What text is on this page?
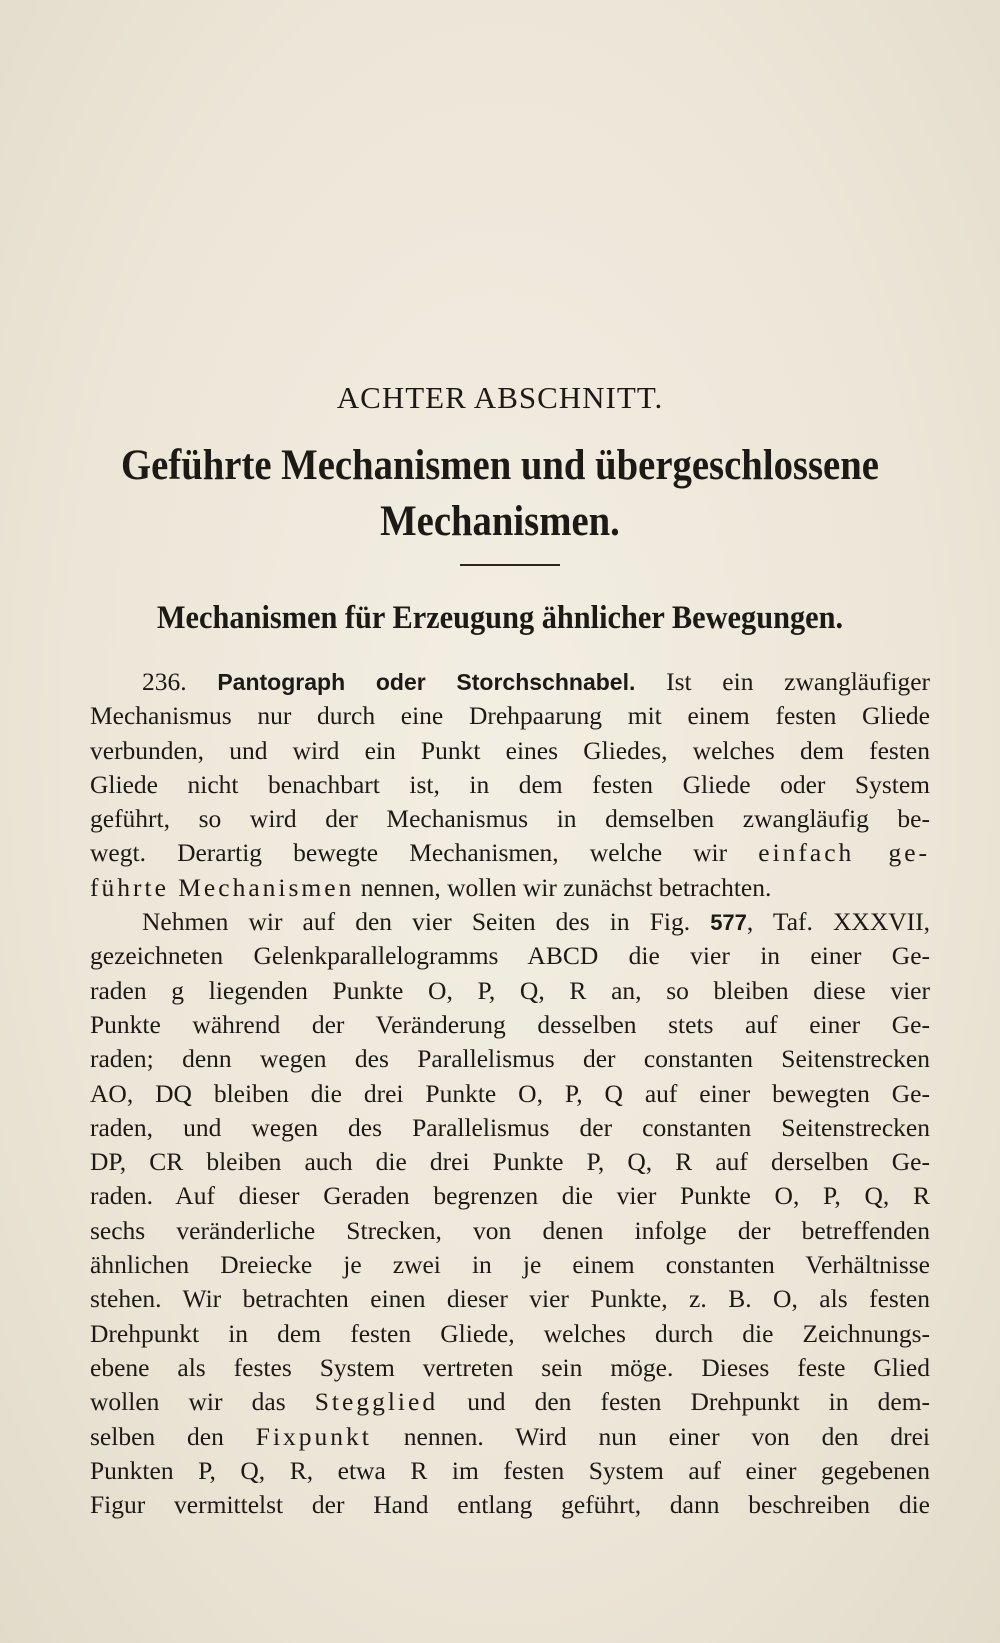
ACHTER ABSCHNITT.
Geführte Mechanismen und übergeschlossene
Mechanismen.
Mechanismen für Erzeugung ähnlicher Bewegungen.
236. Pantograph oder Storchschnabel. Ist ein zwangläufiger
Mechanismus nur durch eine Drehpaarung mit einem festen Gliede
verbunden, und wird ein Punkt eines Gliedes, welches dem festen
Gliede nicht benachbart ist, in dem festen Gliede oder System
geführt, so wird der Mechanismus in demselben zwangläufig be-
wegt. Derartig bewegte Mechanismen, welche wir einfach ge-
führte Mechanismen nennen, wollen wir zunächst betrachten.
Nehmen wir auf den vier Seiten des in Fig. 577, Taf. XXXVII,
gezeichneten Gelenkparallelogramms ABCD die vier in einer Ge-
raden g liegenden Punkte O, P, Q, R an, so bleiben diese vier
Punkte während der Veränderung desselben stets auf einer Ge-
raden; denn wegen des Parallelismus der constanten Seitenstrecken
AO, DQ bleiben die drei Punkte O, P, Q auf einer bewegten Ge-
raden, und wegen des Parallelismus der constanten Seitenstrecken
DP, CR bleiben auch die drei Punkte P, Q, R auf derselben Ge-
raden. Auf dieser Geraden begrenzen die vier Punkte O, P, Q, R
sechs veränderliche Strecken, von denen infolge der betreffenden
ähnlichen Dreiecke je zwei in je einem constanten Verhältnisse
stehen. Wir betrachten einen dieser vier Punkte, z. B. O, als festen
Drehpunkt in dem festen Gliede, welches durch die Zeichnungs-
ebene als festes System vertreten sein möge. Dieses feste Glied
wollen wir das Stegglied und den festen Drehpunkt in dem-
selben den Fixpunkt nennen. Wird nun einer von den drei
Punkten P, Q, R, etwa R im festen System auf einer gegebenen
Figur vermittelst der Hand entlang geführt, dann beschreiben die
